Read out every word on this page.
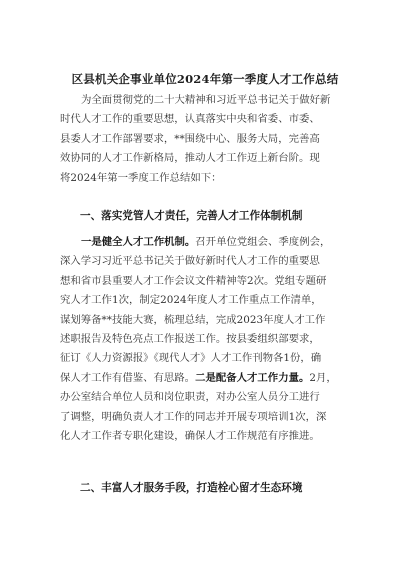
区县机关企事业单位2024年第一季度人才工作总结
为全面贯彻党的二十大精神和习近平总书记关于做好新
时代人才工作的重要思想，认真落实中央和省委、市委、
县委人才工作部署要求，**围绕中心、服务大局，完善高
效协同的人才工作新格局，推动人才工作迈上新台阶。现
将2024年第一季度工作总结如下：
一、落实党管人才责任，完善人才工作体制机制
一是健全人才工作机制。召开单位党组会、季度例会，
深入学习习近平总书记关于做好新时代人才工作的重要思
想和省市县重要人才工作会议文件精神等2次。党组专题研
究人才工作1次，制定2024年度人才工作重点工作清单，
谋划筹备**技能大赛，梳理总结，完成2023年度人才工作
述职报告及特色亮点工作报送工作。按县委组织部要求，
征订《人力资源报》《现代人才》人才工作刊物各1份，确
保人才工作有借鉴、有思路。二是配备人才工作力量。2月，
办公室结合单位人员和岗位职责，对办公室人员分工进行
了调整，明确负责人才工作的同志并开展专项培训1次，深
化人才工作者专职化建设，确保人才工作规范有序推进。
二、丰富人才服务手段，打造栓心留才生态环境
